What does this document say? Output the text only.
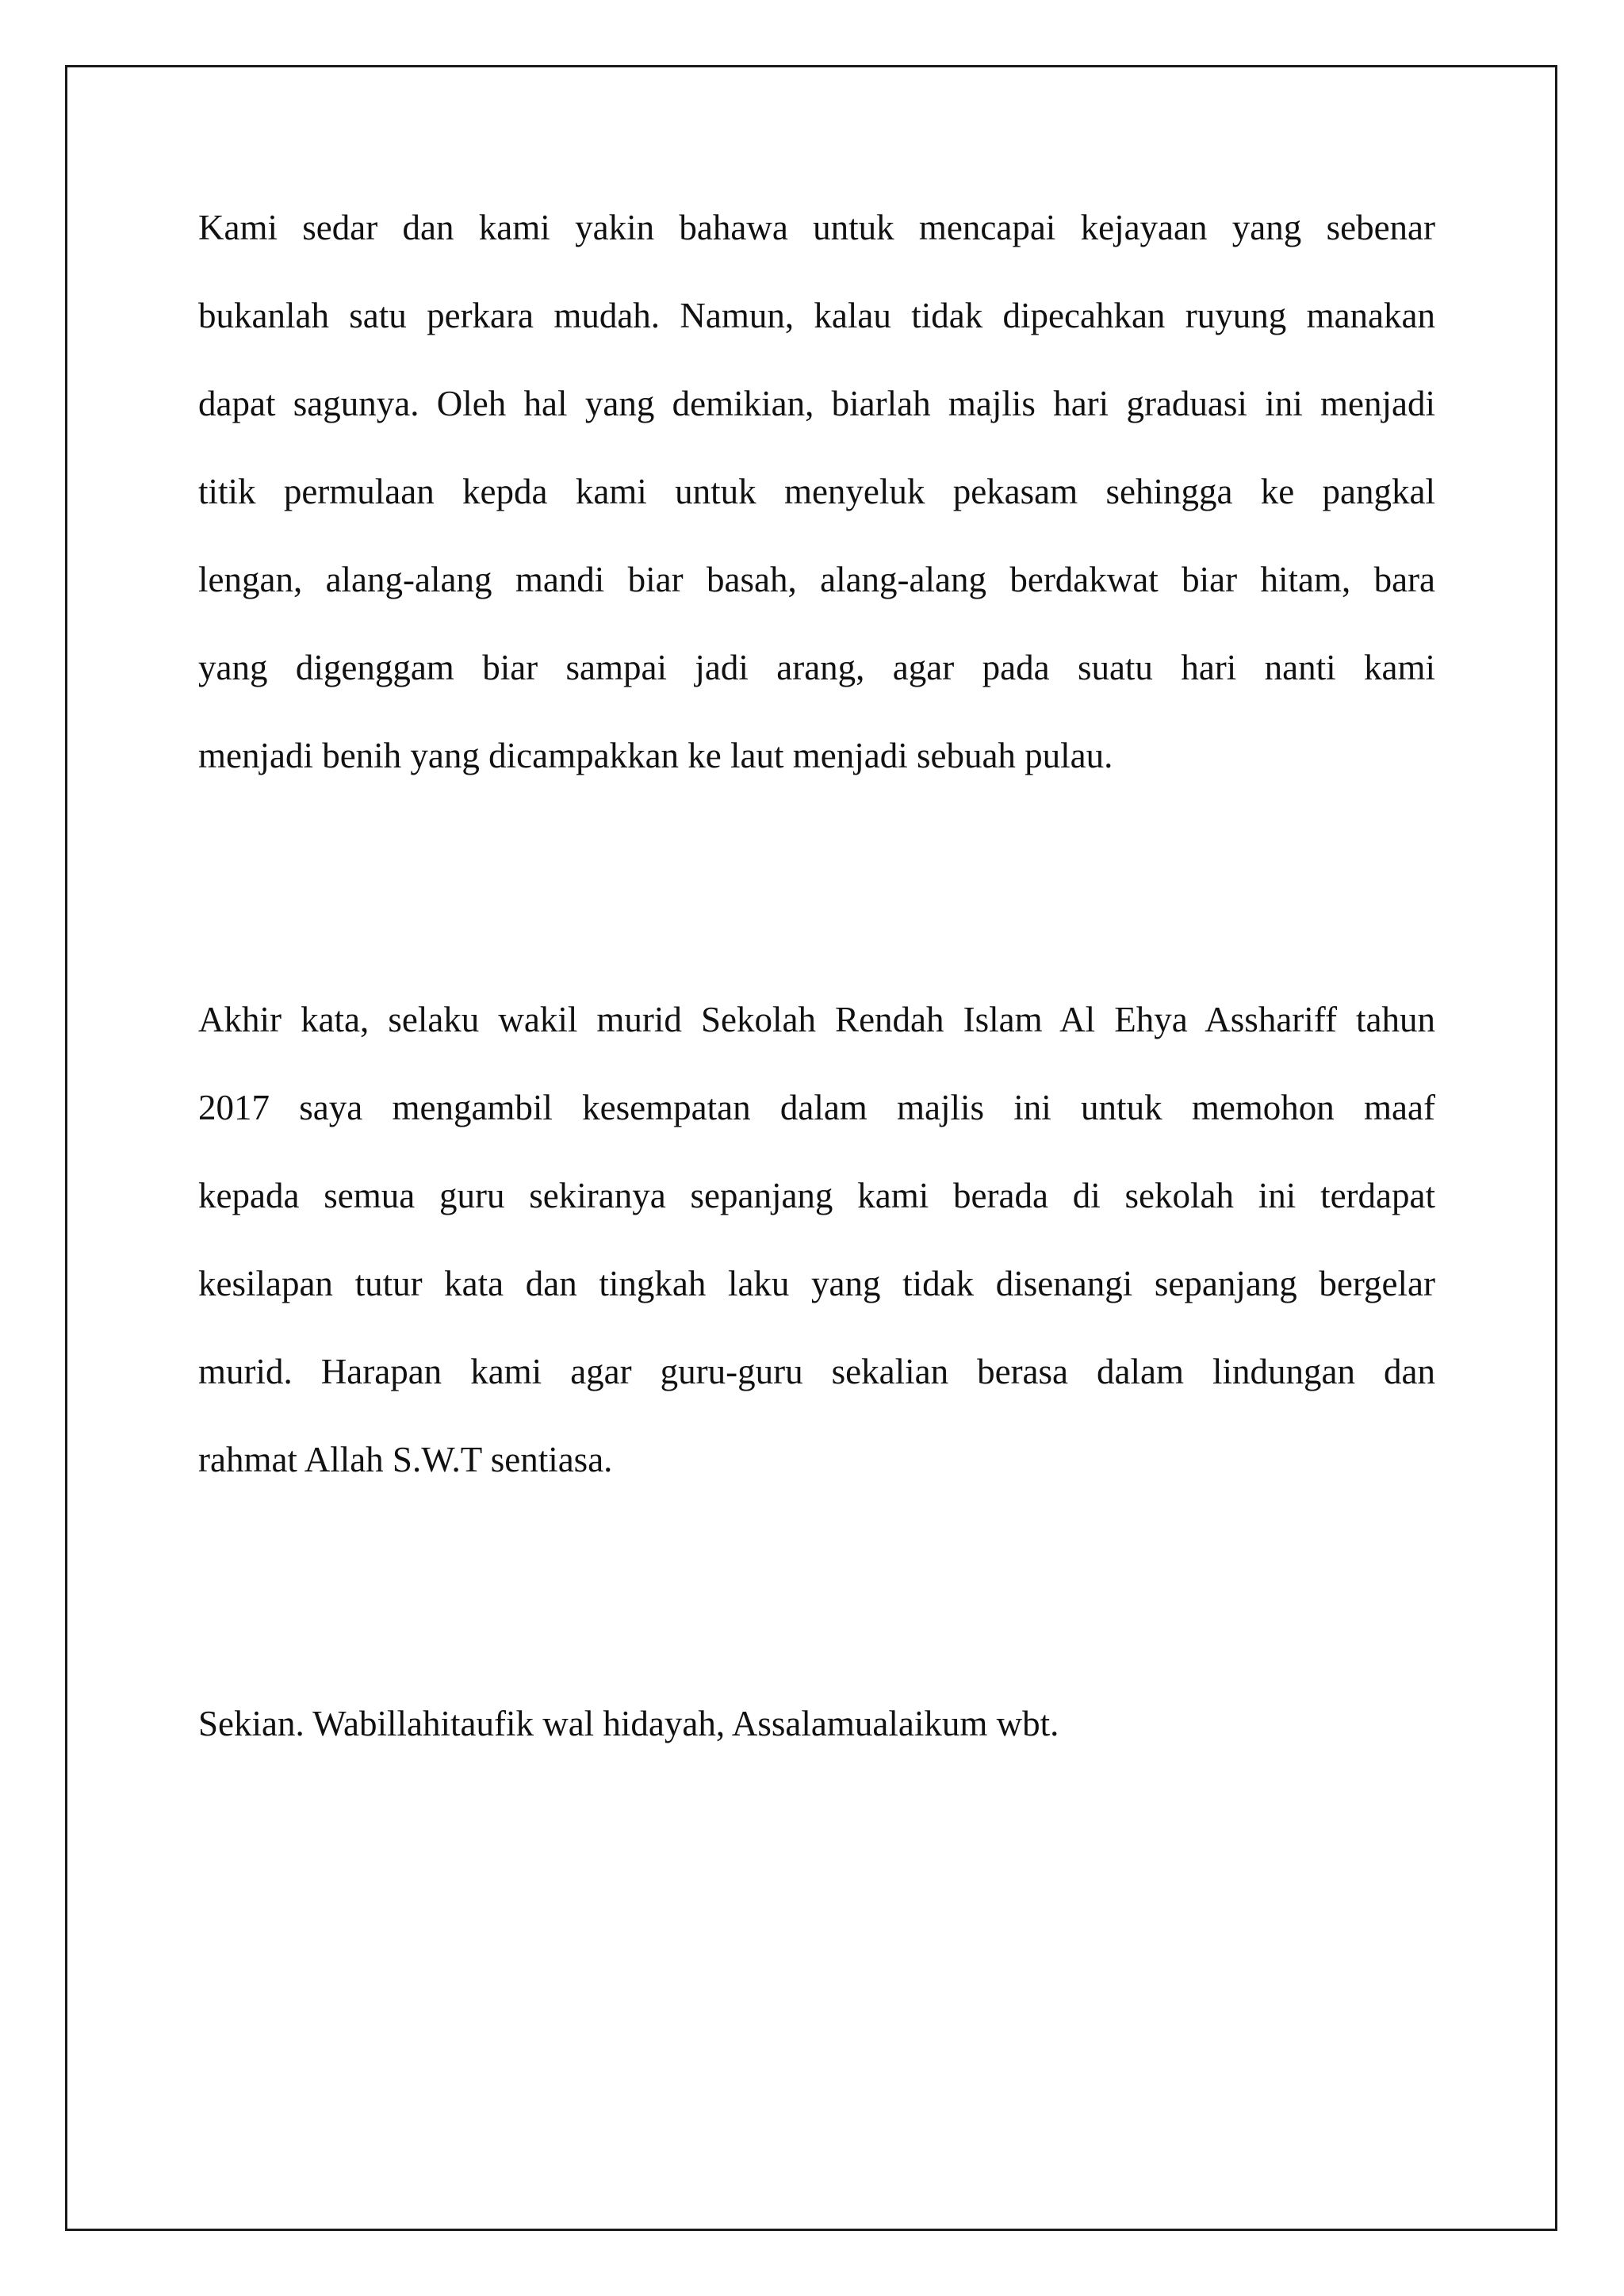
Kami sedar dan kami yakin bahawa untuk mencapai kejayaan yang sebenar
bukanlah satu perkara mudah. Namun, kalau tidak dipecahkan ruyung manakan
dapat sagunya. Oleh hal yang demikian, biarlah majlis hari graduasi ini menjadi
titik permulaan kepda kami untuk menyeluk pekasam sehingga ke pangkal
lengan, alang-alang mandi biar basah, alang-alang berdakwat biar hitam, bara
yang digenggam biar sampai jadi arang, agar pada suatu hari nanti kami
menjadi benih yang dicampakkan ke laut menjadi sebuah pulau.
Akhir kata, selaku wakil murid Sekolah Rendah Islam Al Ehya Asshariff tahun
2017 saya mengambil kesempatan dalam majlis ini untuk memohon maaf
kepada semua guru sekiranya sepanjang kami berada di sekolah ini terdapat
kesilapan tutur kata dan tingkah laku yang tidak disenangi sepanjang bergelar
murid. Harapan kami agar guru-guru sekalian berasa dalam lindungan dan
rahmat Allah S.W.T sentiasa.
Sekian. Wabillahitaufik wal hidayah, Assalamualaikum wbt.
